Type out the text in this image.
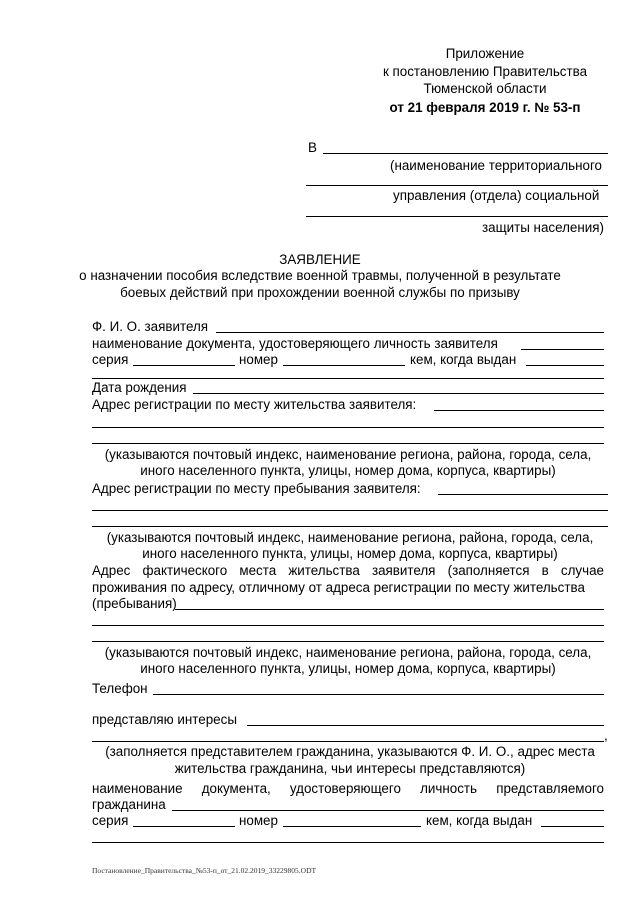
Приложение
к постановлению Правительства
Тюменской области
от 21 февраля 2019 г. № 53-п
В
(наименование территориального
управления (отдела) социальной
защиты населения)
ЗАЯВЛЕНИЕ
о назначении пособия вследствие военной травмы, полученной в результате
боевых действий при прохождении военной службы по призыву
Ф. И. О. заявителя
наименование документа, удостоверяющего личность заявителя
серия	номер	кем, когда выдан
Дата рождения
Адрес регистрации по месту жительства заявителя:
(указываются почтовый индекс, наименование региона, района, города, села,
иного населенного пункта, улицы, номер дома, корпуса, квартиры)
Адрес регистрации по месту пребывания заявителя:
(указываются почтовый индекс, наименование региона, района, города, села,
иного населенного пункта, улицы, номер дома, корпуса, квартиры)
Адрес фактического места жительства заявителя (заполняется в случае
проживания по адресу, отличному от адреса регистрации по месту жительства
(пребывания)
(указываются почтовый индекс, наименование региона, района, города, села,
иного населенного пункта, улицы, номер дома, корпуса, квартиры)
Телефон
представляю интересы
,
(заполняется представителем гражданина, указываются Ф. И. О., адрес места
жительства гражданина, чьи интересы представляются)
наименование документа, удостоверяющего личность представляемого
гражданина
серия	номер	кем, когда выдан
Постановление_Правительства_№53-п_от_21.02.2019_33229805.ODT
